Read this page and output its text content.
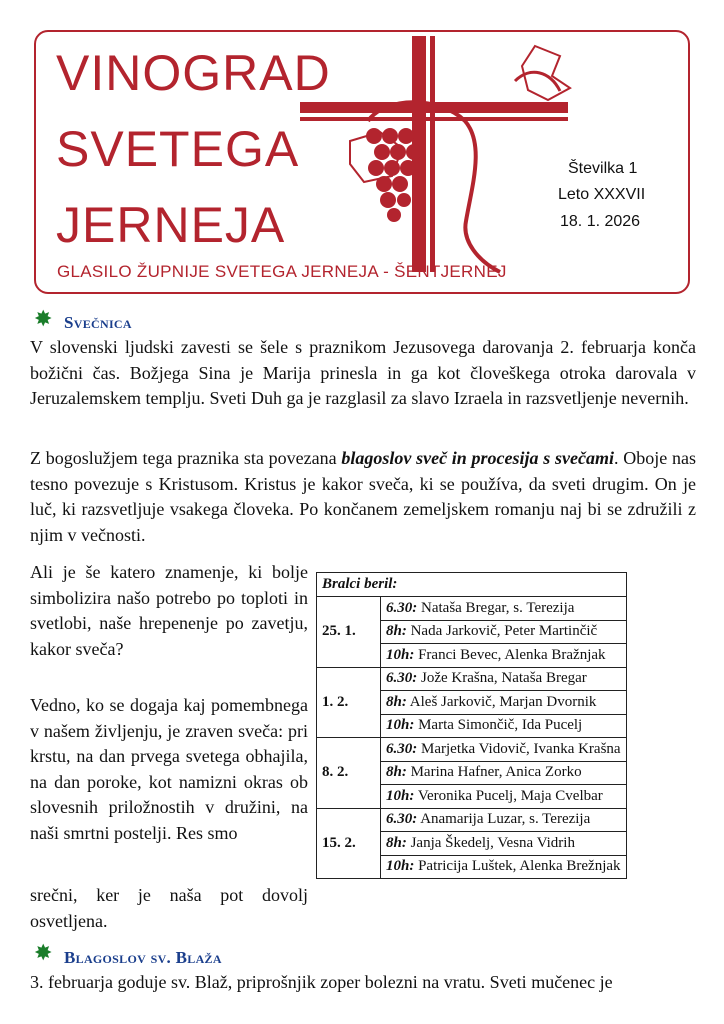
VINOGRAD
SVETEGA
JERNEJA
Številka 1
Leto XXXVII
18. 1. 2026
GLASILO ŽUPNIJE SVETEGA JERNEJA - ŠENTJERNEJ
✸ Svečnica
V slovenski ljudski zavesti se šele s praznikom Jezusovega darovanja 2. februarja konča božični čas. Božjega Sina je Marija prinesla in ga kot človeškega otroka darovala v Jeruzalemskem templju. Sveti Duh ga je razglasil za slavo Izraela in razsvetljenje nevernih.
Z bogoslužjem tega praznika sta povezana blagoslov sveč in procesija s svečami. Oboje nas tesno povezuje s Kristusom. Kristus je kakor sveča, ki se používa, da sveti drugim. On je luč, ki razsvetljuje vsakega človeka. Po končanem zemeljskem romanju naj bi se združili z njim v večnosti.
Ali je še katero znamenje, ki bolje simbolizira našo potrebo po toploti in svetlobi, naše hrepenenje po zavetju, kakor sveča?
Vedno, ko se dogaja kaj pomembnega v našem življenju, je zraven sveča: pri krstu, na dan prvega svetega obhajila, na dan poroke, kot namizni okras ob slovesnih priložnostih v družini, na naši smrtni postelji. Res smo
srečni, ker je naša pot dovolj osvetljena.
Bralci beril:	
25. 1.	6.30: Nataša Bregar, s. Terezija
	8h: Nada Jarkovič, Peter Martinčič
	10h: Franci Bevec, Alenka Bražnjak
1. 2.	6.30: Jože Krašna, Nataša Bregar
	8h: Aleš Jarkovič, Marjan Dvornik
	10h: Marta Simončič, Ida Pucelj
8. 2.	6.30: Marjetka Vidovič, Ivanka Krašna
	8h: Marina Hafner, Anica Zorko
	10h: Veronika Pucelj, Maja Cvelbar
15. 2.	6.30: Anamarija Luzar, s. Terezija
	8h: Janja Škedelj, Vesna Vidrih
	10h: Patricija Luštek, Alenka Brežnjak
✸ Blagoslov sv. Blaža
3. februarja goduje sv. Blaž, priprošnjik zoper bolezni na vratu. Sveti mučenec je
